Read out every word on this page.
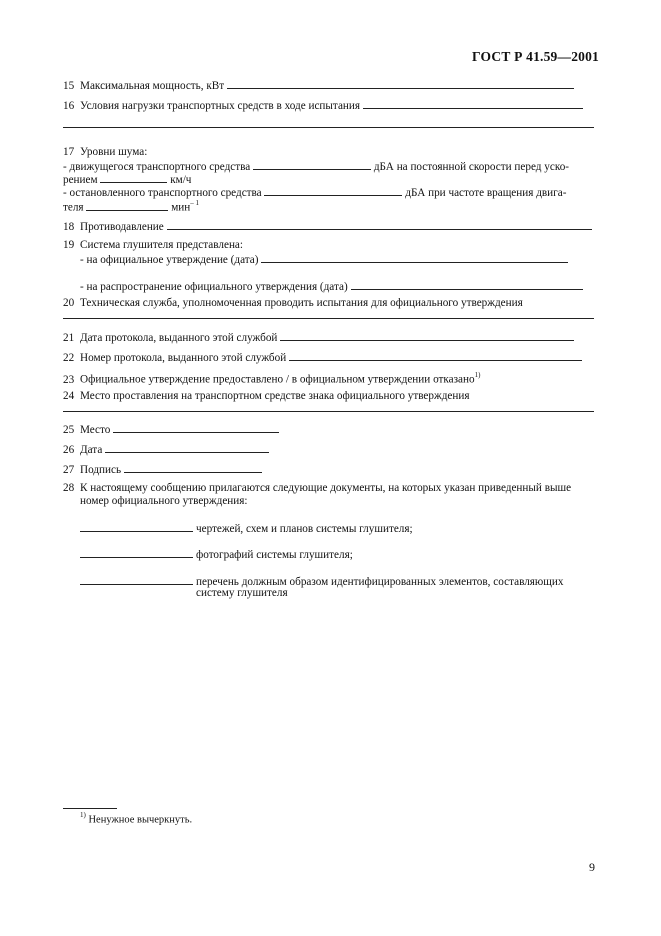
ГОСТ Р 41.59—2001
15 Максимальная мощность, кВт
16 Условия нагрузки транспортных средств в ходе испытания
17 Уровни шума:
- движущегося транспортного средства	дБА на постоянной скорости перед уско-
рением	км/ч
- остановленного транспортного средства	дБА при частоте вращения двига-
теля	мин$^{- 1}$
18 Противодавление
19 Система глушителя представлена:
- на официальное утверждение (дата)
- на распространение официального утверждения (дата)
20 Техническая служба, уполномоченная проводить испытания для официального утверждения
21 Дата протокола, выданного этой службой
22 Номер протокола, выданного этой службой
23 Официальное утверждение предоставлено / в официальном утверждении отказано$^{1)}$
24 Место проставления на транспортном средстве знака официального утверждения
25 Место
26 Дата
27 Подпись
28 К настоящему сообщению прилагаются следующие документы, на которых указан приведенный выше
номер официального утверждения:
чертежей, схем и планов системы глушителя;
фотографий системы глушителя;
перечень должным образом идентифицированных элементов, составляющих
систему глушителя
$^{1)}$ Ненужное вычеркнуть.
9
